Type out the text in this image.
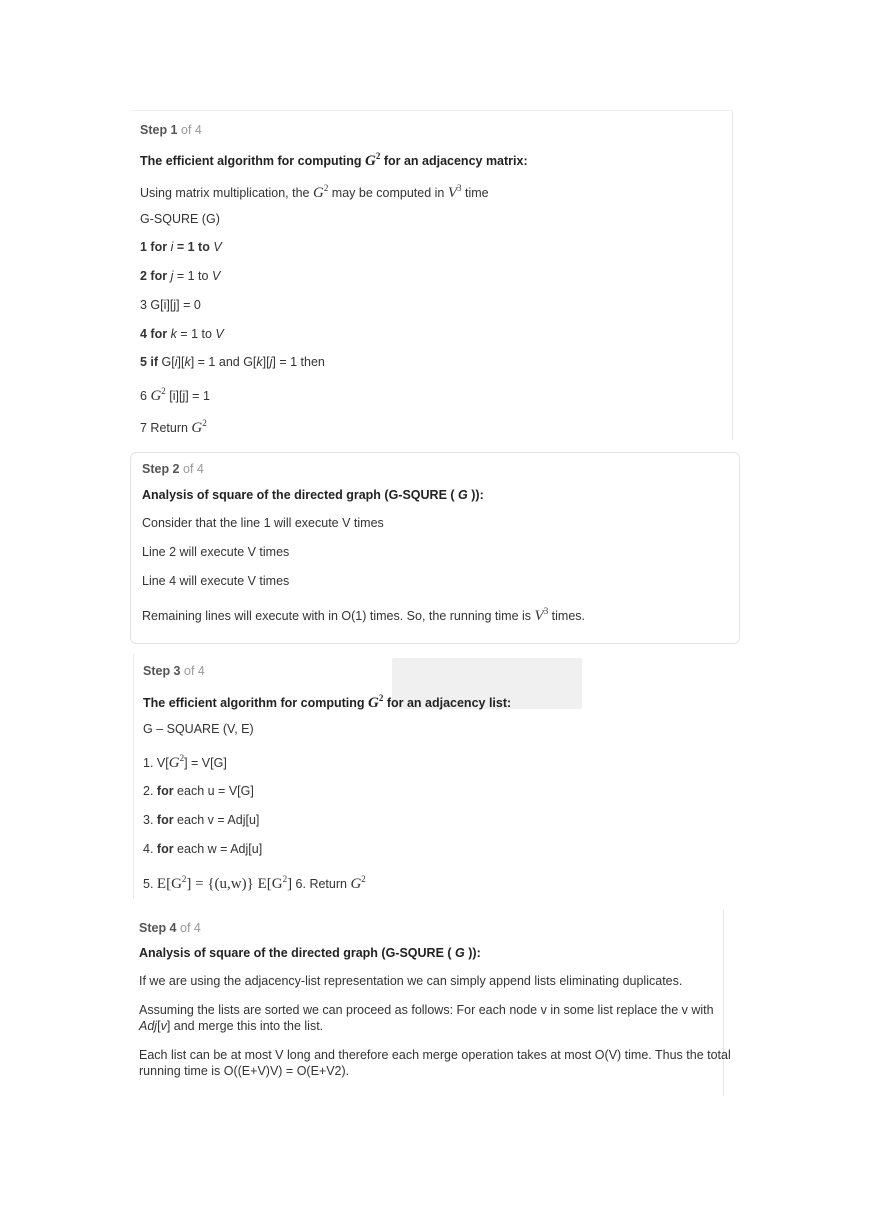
Step 1 of 4
The efficient algorithm for computing $G^2$ for an adjacency matrix:
Using matrix multiplication, the $G^2$ may be computed in $V^3$ time
G-SQURE (G)
1 for i = 1 to V
2 for j = 1 to V
3 G[i][j] = 0
4 for k = 1 to V
5 if G[i][k] = 1 and G[k][j] = 1 then
6 $G^2$ [i][j] = 1
7 Return $G^2$
Step 2 of 4
Analysis of square of the directed graph (G-SQURE ( G )):
Consider that the line 1 will execute V times
Line 2 will execute V times
Line 4 will execute V times
Remaining lines will execute with in O(1) times. So, the running time is $V^3$ times.
Step 3 of 4
The efficient algorithm for computing $G^2$ for an adjacency list:
G – SQUARE (V, E)
1. $V[G^2] = V[G]$
2. for each u = V[G]
3. for each v = Adj[u]
4. for each w = Adj[u]
5. $E[G^2] = \{(u,w)\}$ $E[G^2]$ 6. Return $G^2$
Step 4 of 4
Analysis of square of the directed graph (G-SQURE ( G )):
If we are using the adjacency-list representation we can simply append lists eliminating duplicates.
Assuming the lists are sorted we can proceed as follows: For each node v in some list replace the v with
Adj[v] and merge this into the list.
Each list can be at most V long and therefore each merge operation takes at most O(V) time. Thus the total
running time is O((E+V)V) = O(E+V2).
